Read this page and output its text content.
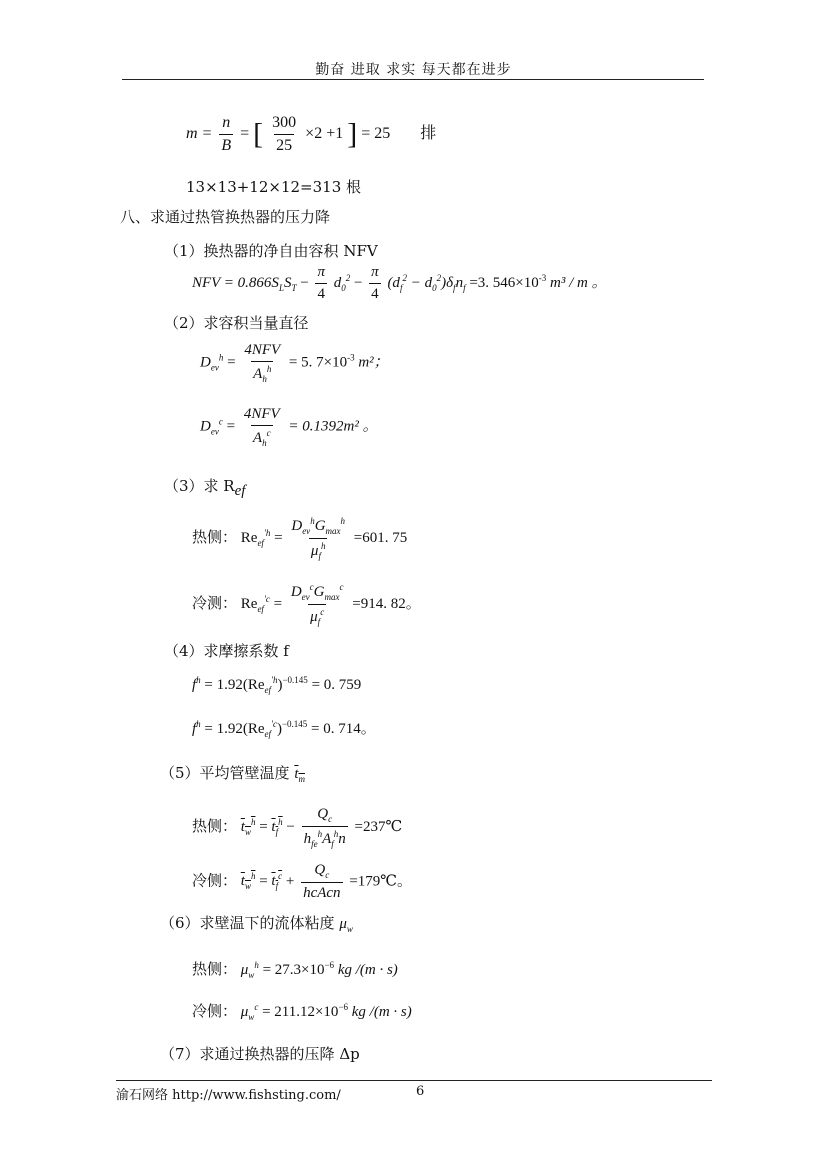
勤奋 进取 求实 每天都在进步
$m = \frac{n}{B}$ = [ $\frac{300}{25} \times 2 +1$ ] = 25 排
13×13+12×12=313 根
八、求通过热管换热器的压力降
（1）换热器的净自由容积 NFV
NFV = $0.866S_LS_T - \frac{\pi}{4} d_0^2 - \frac{\pi}{4} (d_f^2 - d_0^2)\delta_fn_f =3$. $546\times 10^{-3}$ m³ / m 。
（2）求容积当量直径
$D_{ev}^h = \frac{\text{4NFV}}{A_h^h} = 5$. $7\times 10^{-3}$ m²；
$D_{ev}^c = \frac{\text{4NFV}}{A_h^c} = 0.1392m^2$ 。
（3）求 $R_{ef}$
热侧： $Re_{ef}^{'h} = \frac{D_{ev}^hG_{max}^h}{\mu_f^h} =601$. 75
冷测： $Re_{ef}^{'c} = \frac{D_{ev}^cG_{max}^c}{\mu_f^c} =914$. 82。
（4）求摩擦系数 f
$f^h = 1.92(Re_{ef}^{'h})^{-0.145} = 0$. 759
$f^h = 1.92(Re_{ef}^{'c})^{-0.145} = 0$. 714。
（5）平均管壁温度 $t_m$
热侧： $t_w^h = t_f^h - \frac{Q_c}{h_{fe}^hA_f^hn}$ =237℃
冷侧： $t_w^h = t_f^c + \frac{Q_c}{\text{hcAcn}}$ =179℃。
（6）求壁温下的流体粘度 $\mu_w$
热侧： $\mu_w^h = 27.3\times 10^{-6}$ kg /(m · s)
冷侧： $\mu_w^c = 211.12\times 10^{-6}$ kg /(m · s)
（7）求通过换热器的压降 Δp
渝石网络 http://www.fishsting.com/	6
